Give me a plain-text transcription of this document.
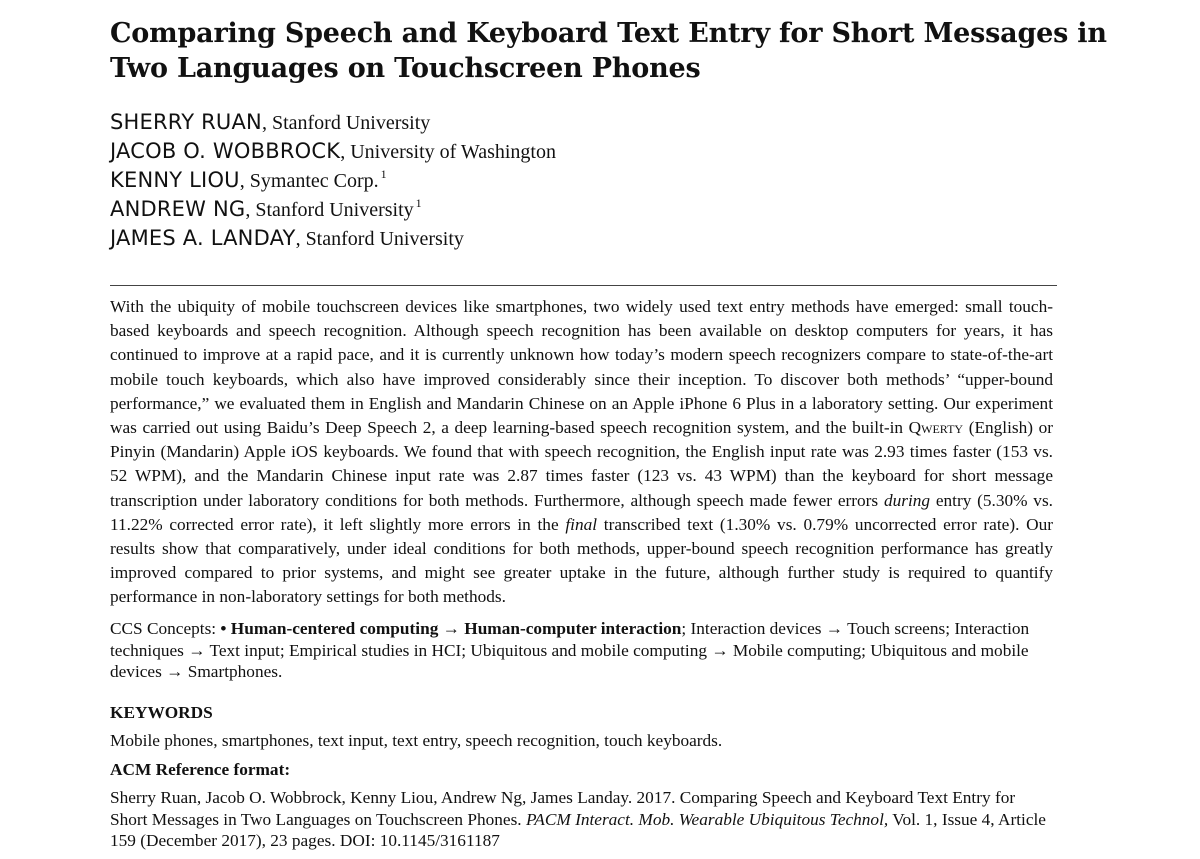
Comparing Speech and Keyboard Text Entry for Short Messages in Two Languages on Touchscreen Phones
SHERRY RUAN, Stanford University
JACOB O. WOBBROCK, University of Washington
KENNY LIOU, Symantec Corp. $^1$
ANDREW NG, Stanford University $^1$
JAMES A. LANDAY, Stanford University

With the ubiquity of mobile touchscreen devices like smartphones, two widely used text entry methods have emerged: small touch-based keyboards and speech recognition. Although speech recognition has been available on desktop computers for years, it has continued to improve at a rapid pace, and it is currently unknown how today’s modern speech recognizers compare to state-of-the-art mobile touch keyboards, which also have improved considerably since their inception. To discover both methods’ “upper-bound performance,” we evaluated them in English and Mandarin Chinese on an Apple iPhone 6 Plus in a laboratory setting. Our experiment was carried out using Baidu’s Deep Speech 2, a deep learning-based speech recognition system, and the built-in Qwerty (English) or Pinyin (Mandarin) Apple iOS keyboards. We found that with speech recognition, the English input rate was 2.93 times faster (153 vs. 52 WPM), and the Mandarin Chinese input rate was 2.87 times faster (123 vs. 43 WPM) than the keyboard for short message transcription under laboratory conditions for both methods. Furthermore, although speech made fewer errors during entry (5.30% vs. 11.22% corrected error rate), it left slightly more errors in the final transcribed text (1.30% vs. 0.79% uncorrected error rate). Our results show that comparatively, under ideal conditions for both methods, upper-bound speech recognition performance has greatly improved compared to prior systems, and might see greater uptake in the future, although further study is required to quantify performance in non-laboratory settings for both methods.

CCS Concepts: • Human-centered computing → Human-computer interaction; Interaction devices → Touch screens; Interaction techniques → Text input; Empirical studies in HCI; Ubiquitous and mobile computing → Mobile computing; Ubiquitous and mobile devices → Smartphones.

KEYWORDS

Mobile phones, smartphones, text input, text entry, speech recognition, touch keyboards.

ACM Reference format:

Sherry Ruan, Jacob O. Wobbrock, Kenny Liou, Andrew Ng, James Landay. 2017. Comparing Speech and Keyboard Text Entry for Short Messages in Two Languages on Touchscreen Phones. PACM Interact. Mob. Wearable Ubiquitous Technol, Vol. 1, Issue 4, Article 159 (December 2017), 23 pages. DOI: 10.1145/3161187
